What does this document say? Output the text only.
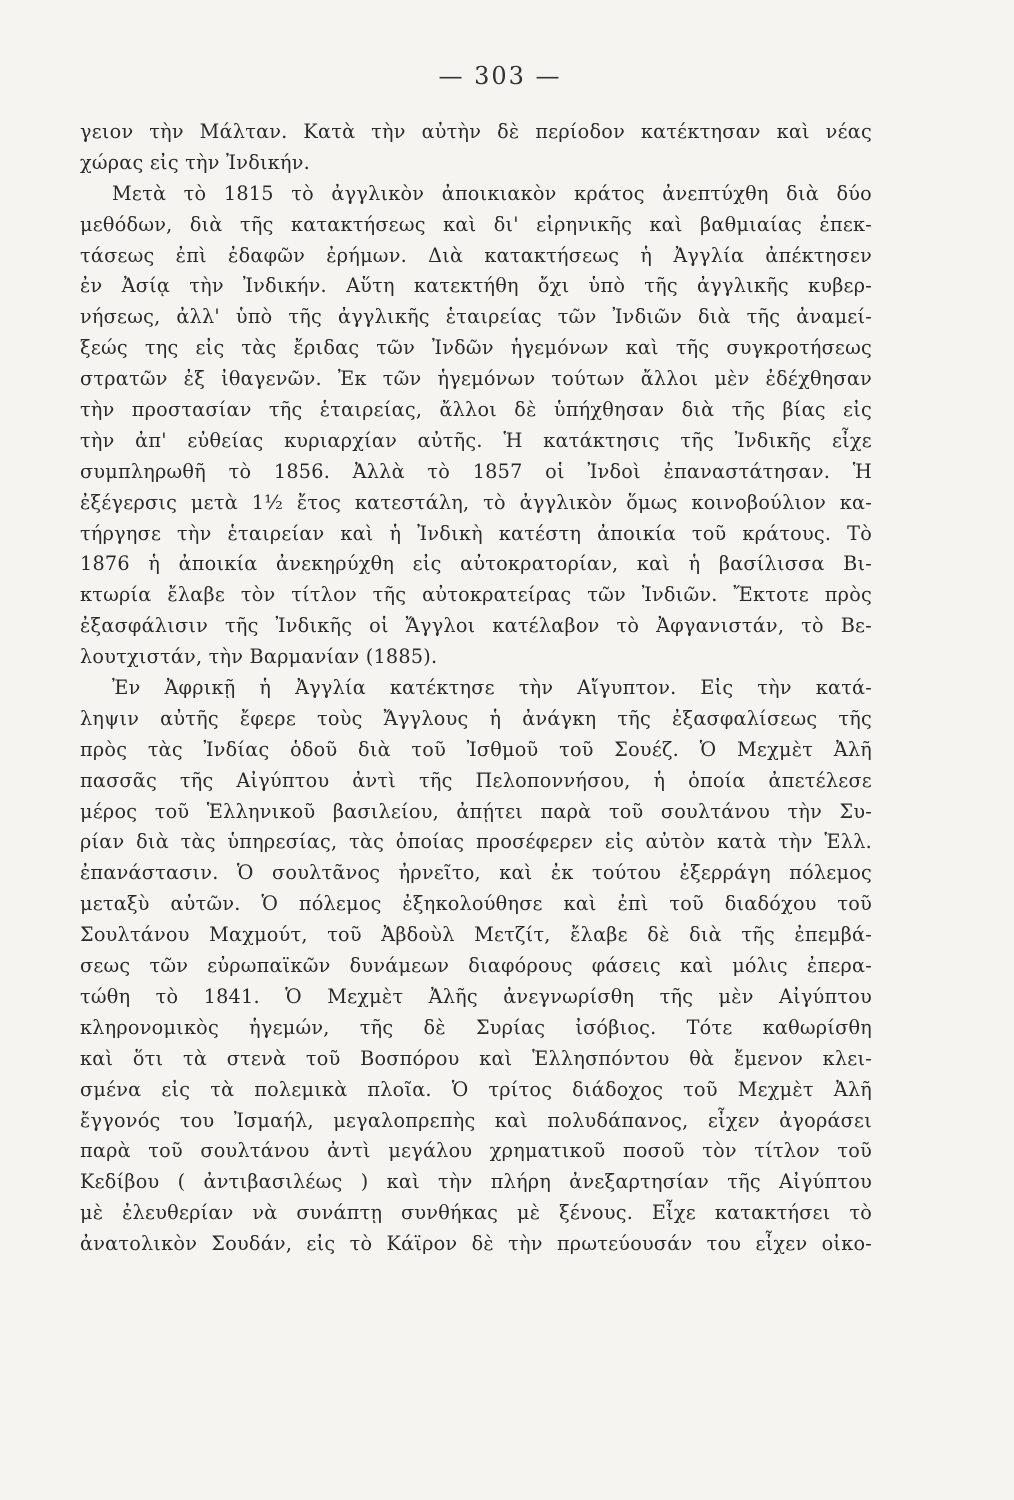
— 303 —
γειον τὴν Μάλταν. Κατὰ τὴν αὐτὴν δὲ περίοδον κατέκτησαν καὶ νέας
χώρας εἰς τὴν Ἰνδικήν.
Μετὰ τὸ 1815 τὸ ἀγγλικὸν ἀποικιακὸν κράτος ἀνεπτύχθη διὰ δύο
μεθόδων, διὰ τῆς κατακτήσεως καὶ δι' εἰρηνικῆς καὶ βαθμιαίας ἐπεκ-
τάσεως ἐπὶ ἐδαφῶν ἐρήμων. Διὰ κατακτήσεως ἡ Ἀγγλία ἀπέκτησεν
ἐν Ἀσίᾳ τὴν Ἰνδικήν. Αὕτη κατεκτήθη ὄχι ὑπὸ τῆς ἀγγλικῆς κυβερ-
νήσεως, ἀλλ' ὑπὸ τῆς ἀγγλικῆς ἑταιρείας τῶν Ἰνδιῶν διὰ τῆς ἀναμεί-
ξεώς της εἰς τὰς ἔριδας τῶν Ἰνδῶν ἡγεμόνων καὶ τῆς συγκροτήσεως
στρατῶν ἐξ ἰθαγενῶν. Ἐκ τῶν ἡγεμόνων τούτων ἄλλοι μὲν ἐδέχθησαν
τὴν προστασίαν τῆς ἑταιρείας, ἄλλοι δὲ ὑπήχθησαν διὰ τῆς βίας εἰς
τὴν ἀπ' εὐθείας κυριαρχίαν αὐτῆς. Ἡ κατάκτησις τῆς Ἰνδικῆς εἶχε
συμπληρωθῆ τὸ 1856. Ἀλλὰ τὸ 1857 οἱ Ἰνδοὶ ἐπαναστάτησαν. Ἡ
ἐξέγερσις μετὰ 1½ ἔτος κατεστάλη, τὸ ἀγγλικὸν ὅμως κοινοβούλιον κα-
τήργησε τὴν ἑταιρείαν καὶ ἡ Ἰνδικὴ κατέστη ἀποικία τοῦ κράτους. Τὸ
1876 ἡ ἀποικία ἀνεκηρύχθη εἰς αὐτοκρατορίαν, καὶ ἡ βασίλισσα Βι-
κτωρία ἔλαβε τὸν τίτλον τῆς αὐτοκρατείρας τῶν Ἰνδιῶν. Ἔκτοτε πρὸς
ἐξασφάλισιν τῆς Ἰνδικῆς οἱ Ἄγγλοι κατέλαβον τὸ Ἀφγανιστάν, τὸ Βε-
λουτχιστάν, τὴν Βαρμανίαν (1885).
Ἐν Ἀφρικῇ ἡ Ἀγγλία κατέκτησε τὴν Αἴγυπτον. Εἰς τὴν κατά-
ληψιν αὐτῆς ἔφερε τοὺς Ἄγγλους ἡ ἀνάγκη τῆς ἐξασφαλίσεως τῆς
πρὸς τὰς Ἰνδίας ὁδοῦ διὰ τοῦ Ἰσθμοῦ τοῦ Σουέζ. Ὁ Μεχμὲτ Ἀλῆ
πασσᾶς τῆς Αἰγύπτου ἀντὶ τῆς Πελοποννήσου, ἡ ὁποία ἀπετέλεσε
μέρος τοῦ Ἑλληνικοῦ βασιλείου, ἀπῄτει παρὰ τοῦ σουλτάνου τὴν Συ-
ρίαν διὰ τὰς ὑπηρεσίας, τὰς ὁποίας προσέφερεν εἰς αὐτὸν κατὰ τὴν Ἑλλ.
ἐπανάστασιν. Ὁ σουλτᾶνος ἠρνεῖτο, καὶ ἐκ τούτου ἐξερράγη πόλεμος
μεταξὺ αὐτῶν. Ὁ πόλεμος ἐξηκολούθησε καὶ ἐπὶ τοῦ διαδόχου τοῦ
Σουλτάνου Μαχμούτ, τοῦ Ἀβδοὺλ Μετζίτ, ἔλαβε δὲ διὰ τῆς ἐπεμβά-
σεως τῶν εὐρωπαϊκῶν δυνάμεων διαφόρους φάσεις καὶ μόλις ἐπερα-
τώθη τὸ 1841. Ὁ Μεχμὲτ Ἀλῆς ἀνεγνωρίσθη τῆς μὲν Αἰγύπτου
κληρονομικὸς ἡγεμών, τῆς δὲ Συρίας ἰσόβιος. Τότε καθωρίσθη
καὶ ὅτι τὰ στενὰ τοῦ Βοσπόρου καὶ Ἑλλησπόντου θὰ ἔμενον κλει-
σμένα εἰς τὰ πολεμικὰ πλοῖα. Ὁ τρίτος διάδοχος τοῦ Μεχμὲτ Ἀλῆ
ἔγγονός του Ἰσμαήλ, μεγαλοπρεπὴς καὶ πολυδάπανος, εἶχεν ἀγοράσει
παρὰ τοῦ σουλτάνου ἀντὶ μεγάλου χρηματικοῦ ποσοῦ τὸν τίτλον τοῦ
Κεδίβου ( ἀντιβασιλέως ) καὶ τὴν πλήρη ἀνεξαρτησίαν τῆς Αἰγύπτου
μὲ ἐλευθερίαν νὰ συνάπτῃ συνθήκας μὲ ξένους. Εἶχε κατακτήσει τὸ
ἀνατολικὸν Σουδάν, εἰς τὸ Κάϊρον δὲ τὴν πρωτεύουσάν του εἶχεν οἰκο-
